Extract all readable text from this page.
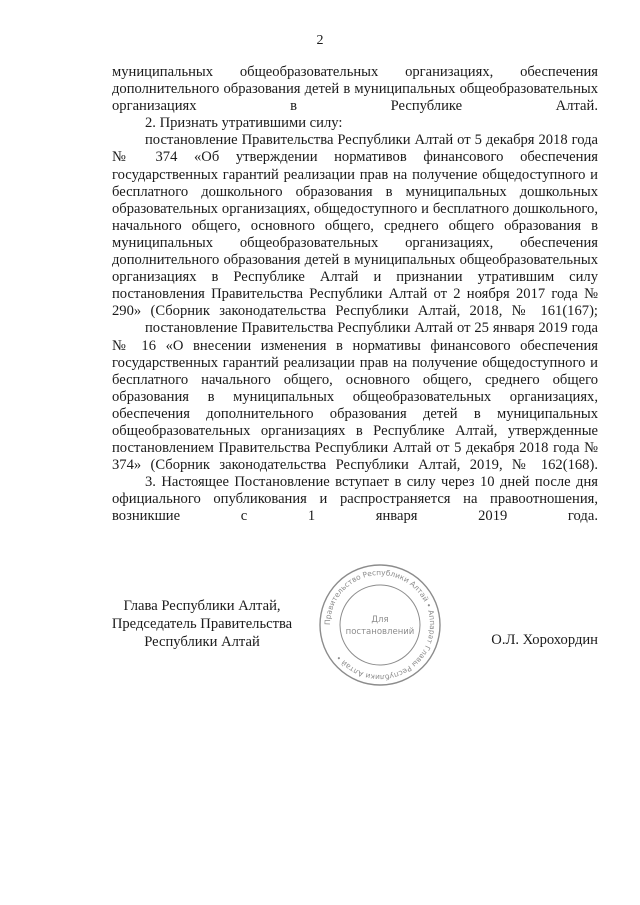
2

муниципальных общеобразовательных организациях, обеспечения дополнительного образования детей в муниципальных общеобразовательных организациях в Республике Алтай.

2. Признать утратившими силу:

постановление Правительства Республики Алтай от 5 декабря 2018 года № 374 «Об утверждении нормативов финансового обеспечения государственных гарантий реализации прав на получение общедоступного и бесплатного дошкольного образования в муниципальных дошкольных образовательных организациях, общедоступного и бесплатного дошкольного, начального общего, основного общего, среднего общего образования в муниципальных общеобразовательных организациях, обеспечения дополнительного образования детей в муниципальных общеобразовательных организациях в Республике Алтай и признании утратившим силу постановления Правительства Республики Алтай от 2 ноября 2017 года № 290» (Сборник законодательства Республики Алтай, 2018, № 161(167);

постановление Правительства Республики Алтай от 25 января 2019 года № 16 «О внесении изменения в нормативы финансового обеспечения государственных гарантий реализации прав на получение общедоступного и бесплатного начального общего, основного общего, среднего общего образования в муниципальных общеобразовательных организациях, обеспечения дополнительного образования детей в муниципальных общеобразовательных организациях в Республике Алтай, утвержденные постановлением Правительства Республики Алтай от 5 декабря 2018 года № 374» (Сборник законодательства Республики Алтай, 2019, № 162(168).

3. Настоящее Постановление вступает в силу через 10 дней после дня официального опубликования и распространяется на правоотношения, возникшие с 1 января 2019 года.

Глава Республики Алтай,
Председатель Правительства
Республики Алтай	О.Л. Хорохордин
Правительство Республики Алтай • Аппарат Главы Республики Алтай •
Для
постановлений
